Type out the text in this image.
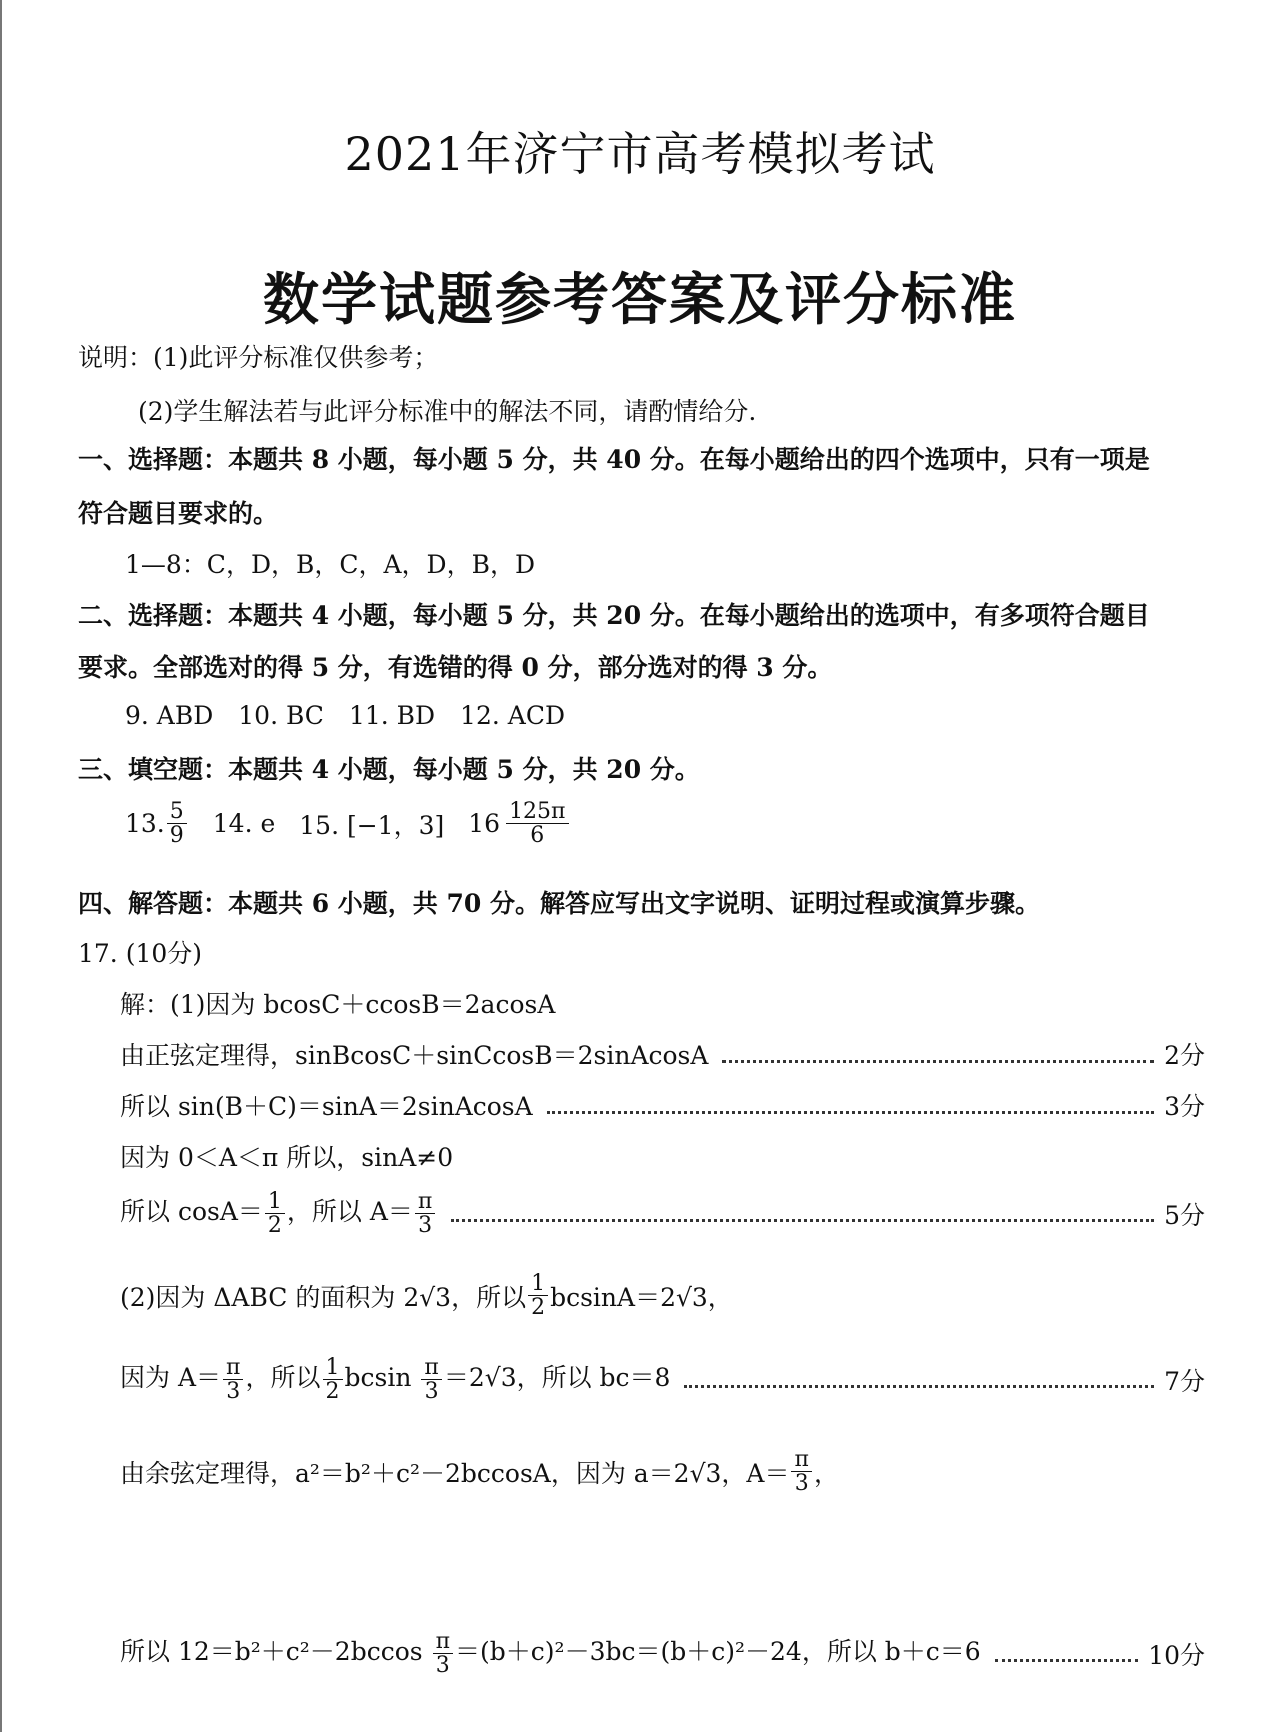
2021年济宁市高考模拟考试
数学试题参考答案及评分标准
说明：(1)此评分标准仅供参考；
(2)学生解法若与此评分标准中的解法不同，请酌情给分.
一、选择题：本题共 8 小题，每小题 5 分，共 40 分。在每小题给出的四个选项中，只有一项是
符合题目要求的。
1—8：C，D，B，C，A，D，B，D
二、选择题：本题共 4 小题，每小题 5 分，共 20 分。在每小题给出的选项中，有多项符合题目
要求。全部选对的得 5 分，有选错的得 0 分，部分选对的得 3 分。
9. ABD　10. BC　11. BD　12. ACD
三、填空题：本题共 4 小题，每小题 5 分，共 20 分。
13. $\frac{5}{9} 14$. e 15. [−1，3] $16 \frac{125\pi}{6}$
四、解答题：本题共 6 小题，共 70 分。解答应写出文字说明、证明过程或演算步骤。
17. (10分)
解：(1)因为 bcosC＋ccosB＝2acosA
由正弦定理得，sinBcosC＋sinCcosB＝2sinAcosA	2分
所以 sin(B＋C)＝sinA＝2sinAcosA	3分
因为 0＜A＜π 所以，sinA≠0
所以 $\cos A= \frac{1}{2}$ ，所以 $A= \frac{\pi}{3}$	5分
(2)因为 ΔABC 的面积为 2√3，所以 $\frac{1}{2} bcsinA=2√3$，
因为 $A= \frac{\pi}{3}$ ，所以 $\frac{1}{2}$ bcsin $\frac{\pi}{3} =2√3$，所以 bc＝8	7分
由余弦定理得，a²＝b²＋c²－2bccosA，因为 a＝2√3，$A= \frac{\pi}{3}$ ，
所以 $12=b^2+c^2-2bccos \frac{\pi}{3} =(b+c)^2-3bc=(b+c)^2-24$，所以 b＋c＝6	10分
